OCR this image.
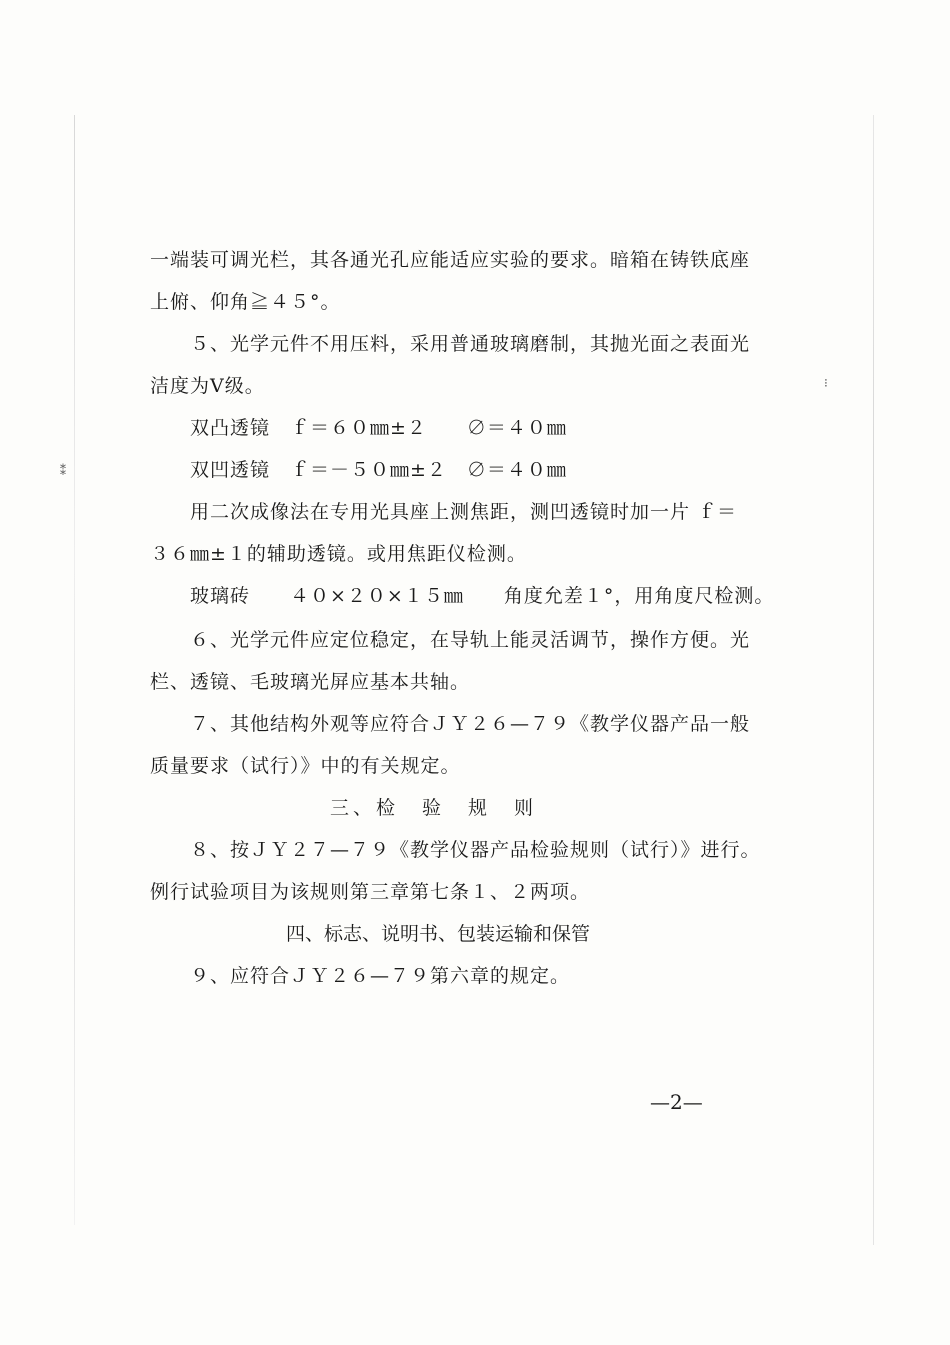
⁝
⁑
一端装可调光栏，其各通光孔应能适应实验的要求。暗箱在铸铁底座
上俯、仰角≧４５°。
５、光学元件不用压料，采用普通玻璃磨制，其抛光面之表面光
洁度为Ⅴ级。
双凸透镜　ｆ＝６０㎜±２　　∅＝４０㎜
双凹透镜　ｆ＝－５０㎜±２　∅＝４０㎜
用二次成像法在专用光具座上测焦距，测凹透镜时加一片 ｆ＝
３６㎜±１的辅助透镜。或用焦距仪检测。
玻璃砖　　４０×２０×１５㎜　　角度允差１°，用角度尺检测。
６、光学元件应定位稳定，在导轨上能灵活调节，操作方便。光
栏、透镜、毛玻璃光屏应基本共轴。
７、其他结构外观等应符合ＪＹ２６—７９《教学仪器产品一般
质量要求（试行）》中的有关规定。
三、检　验　规　则
８、按ＪＹ２７—７９《教学仪器产品检验规则（试行）》进行。
例行试验项目为该规则第三章第七条１、２两项。
四、标志、说明书、包装运输和保管
９、应符合ＪＹ２６—７９第六章的规定。
—2—
